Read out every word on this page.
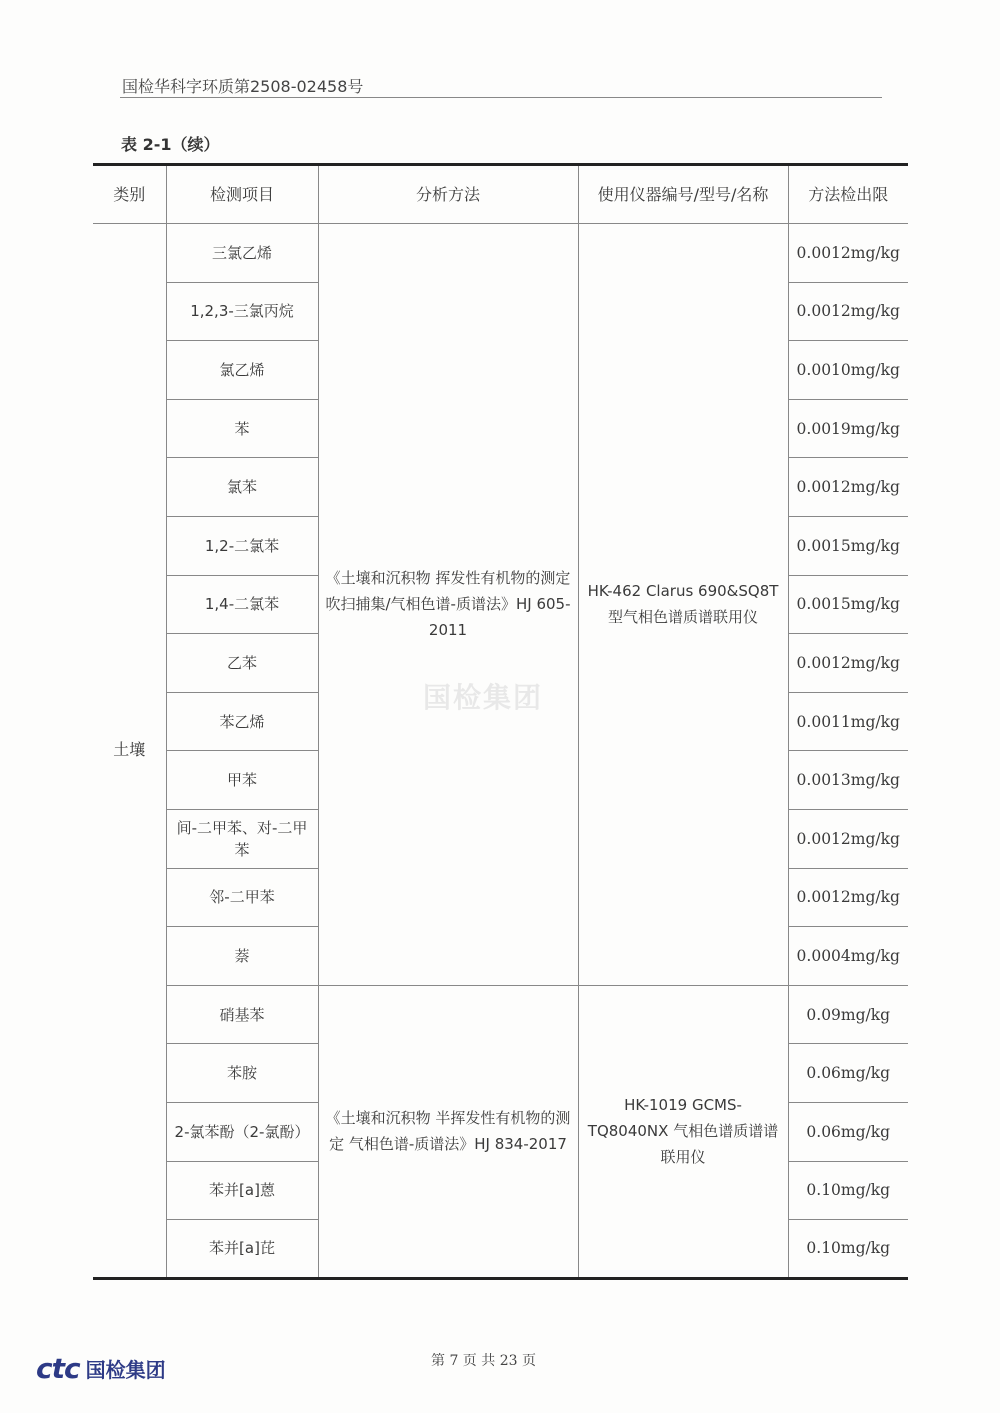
国检华科字环质第2508-02458号
表 2-1（续）
类别	检测项目	分析方法	使用仪器编号/型号/名称	方法检出限
土壤	三氯乙烯	《土壤和沉积物 挥发性有机物的测定 吹扫捕集/气相色谱-质谱法》HJ 605-2011	HK-462 Clarus 690&SQ8T 型气相色谱质谱联用仪	0.0012mg/kg
	1,2,3-三氯丙烷			0.0012mg/kg
	氯乙烯			0.0010mg/kg
	苯			0.0019mg/kg
	氯苯			0.0012mg/kg
	1,2-二氯苯			0.0015mg/kg
	1,4-二氯苯			0.0015mg/kg
	乙苯			0.0012mg/kg
	苯乙烯			0.0011mg/kg
	甲苯			0.0013mg/kg
	间-二甲苯、对-二甲苯			0.0012mg/kg
	邻-二甲苯			0.0012mg/kg
	萘			0.0004mg/kg
	硝基苯	《土壤和沉积物 半挥发性有机物的测定 气相色谱-质谱法》HJ 834-2017	HK-1019 GCMS-TQ8040NX 气相色谱质谱谱联用仪	0.09mg/kg
	苯胺			0.06mg/kg
	2-氯苯酚（2-氯酚）			0.06mg/kg
	苯并[a]蒽			0.10mg/kg
	苯并[a]芘			0.10mg/kg
国检集团
第 7 页 共 23 页
ctc 国检集团
